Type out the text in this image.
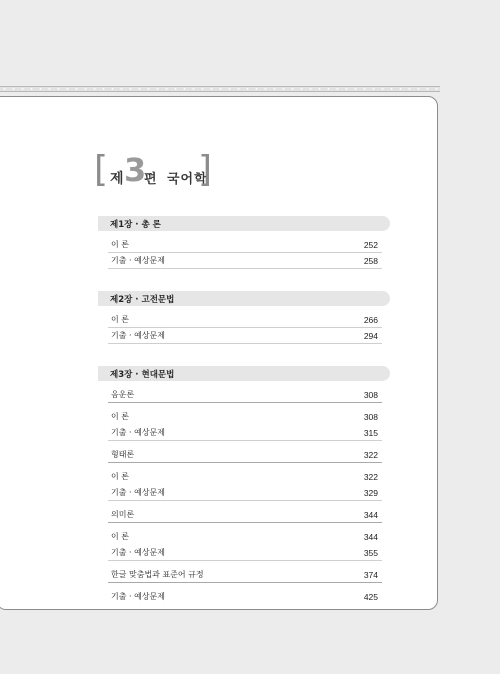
[ 제 3
편 국어학
]
제1장 · 총 론
이 론	252
기출 · 예상문제	258
제2장 · 고전문법
이 론	266
기출 · 예상문제	294
제3장 · 현대문법
음운론	308
이 론	308
기출 · 예상문제	315
형태론	322
이 론	322
기출 · 예상문제	329
의미론	344
이 론	344
기출 · 예상문제	355
한글 맞춤법과 표준어 규정	374
기출 · 예상문제	425
